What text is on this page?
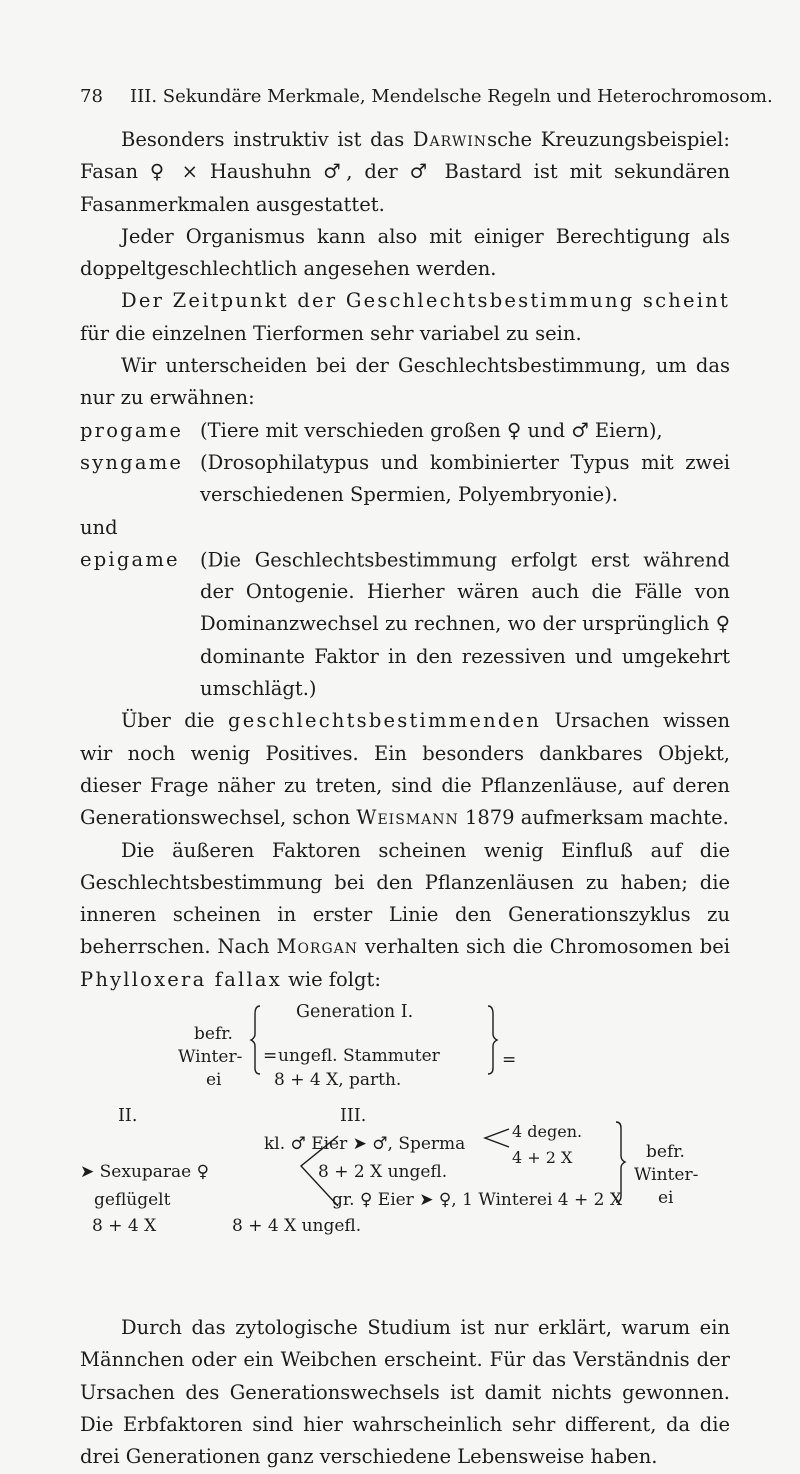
78 III. Sekundäre Merkmale, Mendelsche Regeln und Heterochromosom.

Besonders instruktiv ist das Darwinsche Kreuzungsbeispiel: Fasan ♀ × Haushuhn ♂, der ♂ Bastard ist mit sekundären Fasanmerkmalen ausgestattet.

Jeder Organismus kann also mit einiger Berechtigung als doppeltgeschlechtlich angesehen werden.

Der Zeitpunkt der Geschlechtsbestimmung scheint für die einzelnen Tierformen sehr variabel zu sein.

Wir unterscheiden bei der Geschlechtsbestimmung, um das nur zu erwähnen:

progame (Tiere mit verschieden großen ♀ und ♂ Eiern),

syngame (Drosophilatypus und kombinierter Typus mit zwei verschiedenen Spermien, Polyembryonie).

und epigame (Die Geschlechtsbestimmung erfolgt erst während der Ontogenie. Hierher wären auch die Fälle von Dominanzwechsel zu rechnen, wo der ursprünglich ♀ dominante Faktor in den rezessiven und umgekehrt umschlägt.)

Über die geschlechtsbestimmenden Ursachen wissen wir noch wenig Positives. Ein besonders dankbares Objekt, dieser Frage näher zu treten, sind die Pflanzenläuse, auf deren Generationswechsel, schon Weismann 1879 aufmerksam machte.

Die äußeren Faktoren scheinen wenig Einfluß auf die Geschlechtsbestimmung bei den Pflanzenläusen zu haben; die inneren scheinen in erster Linie den Generationszyklus zu beherrschen. Nach Morgan verhalten sich die Chromosomen bei Phylloxera fallax wie folgt:

Generation I.
befr.
Winter-
ei
= ungefl. Stammuter
8 + 4 X, parth.
=
II.	III.
kl. ♂ Eier ➤ ♂, Sperma
4 degen.
4 + 2 X
➤ Sexuparae ♀	8 + 2 X ungefl.
geflügelt	gr. ♀ Eier ➤ ♀, 1 Winterei 4 + 2 X
8 + 4 X	8 + 4 X ungefl.
befr.
Winter-
ei

Durch das zytologische Studium ist nur erklärt, warum ein Männchen oder ein Weibchen erscheint. Für das Verständnis der Ursachen des Generationswechsels ist damit nichts gewonnen. Die Erbfaktoren sind hier wahrscheinlich sehr different, da die drei Generationen ganz verschiedene Lebensweise haben.
